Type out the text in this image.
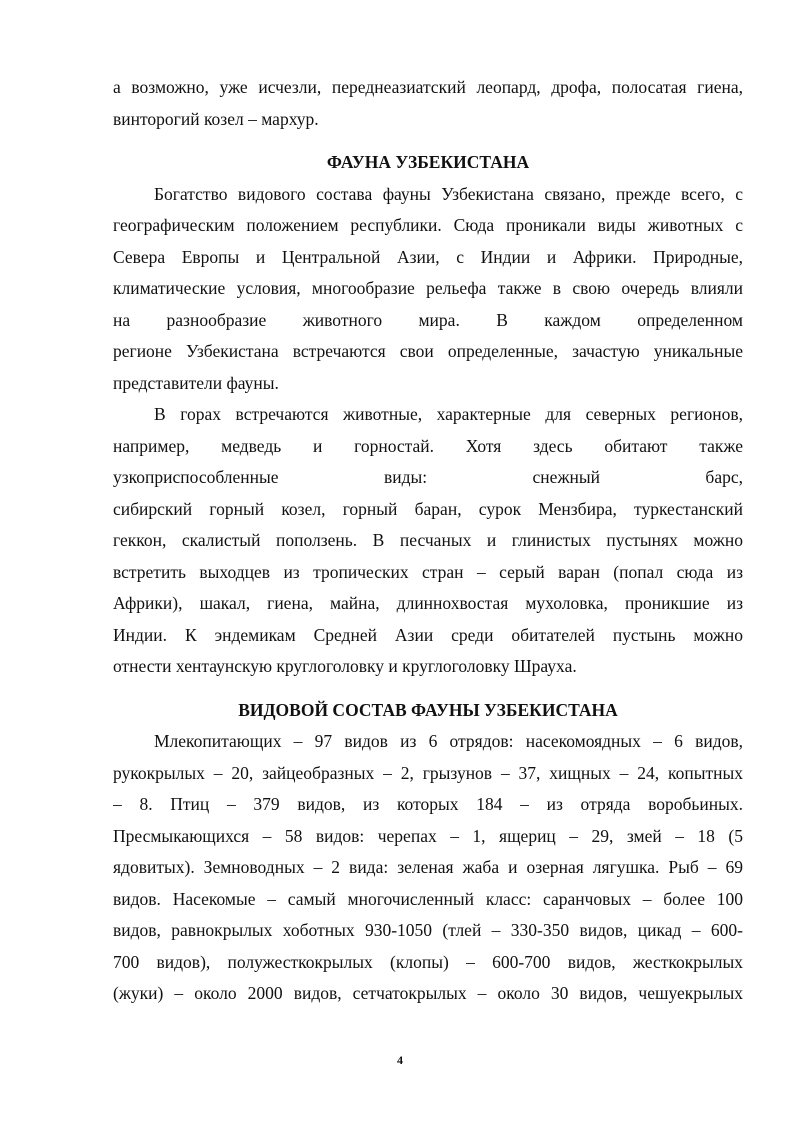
а возможно, уже исчезли, переднеазиатский леопард, дрофа, полосатая гиена,
винторогий козел – мархур.
ФАУНА УЗБЕКИСТАНА
Богатство видового состава фауны Узбекистана связано, прежде всего, с
географическим положением республики. Сюда проникали виды животных с
Севера Европы и Центральной Азии, с Индии и Африки. Природные,
климатические условия, многообразие рельефа также в свою очередь влияли
на разнообразие животного мира. В каждом определенном
регионе Узбекистана встречаются свои определенные, зачастую уникальные
представители фауны.
В горах встречаются животные, характерные для северных регионов,
например, медведь и горностай. Хотя здесь обитают также
узкоприспособленные виды: снежный барс,
сибирский горный козел, горный баран, сурок Мензбира, туркестанский
геккон, скалистый поползень. В песчаных и глинистых пустынях можно
встретить выходцев из тропических стран – серый варан (попал сюда из
Африки), шакал, гиена, майна, длиннохвостая мухоловка, проникшие из
Индии. К эндемикам Средней Азии среди обитателей пустынь можно
отнести хентаунскую круглоголовку и круглоголовку Шрауха.
ВИДОВОЙ СОСТАВ ФАУНЫ УЗБЕКИСТАНА
Млекопитающих – 97 видов из 6 отрядов: насекомоядных – 6 видов,
рукокрылых – 20, зайцеобразных – 2, грызунов – 37, хищных – 24, копытных
– 8. Птиц – 379 видов, из которых 184 – из отряда воробьиных.
Пресмыкающихся – 58 видов: черепах – 1, ящериц – 29, змей – 18 (5
ядовитых). Земноводных – 2 вида: зеленая жаба и озерная лягушка. Рыб – 69
видов. Насекомые – самый многочисленный класс: саранчовых – более 100
видов, равнокрылых хоботных 930-1050 (тлей – 330-350 видов, цикад – 600-
700 видов), полужесткокрылых (клопы) – 600-700 видов, жесткокрылых
(жуки) – около 2000 видов, сетчатокрылых – около 30 видов, чешуекрылых
4
